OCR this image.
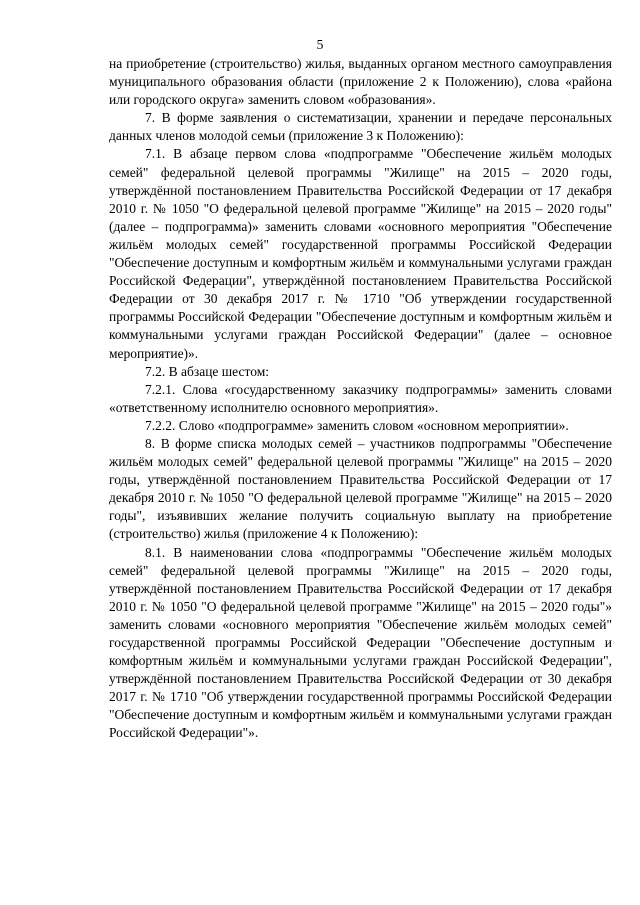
5

на приобретение (строительство) жилья, выданных органом местного самоуправления муниципального образования области (приложение 2 к Положению), слова «района или городского округа» заменить словом «образования».

7. В форме заявления о систематизации, хранении и передаче персональных данных членов молодой семьи (приложение 3 к Положению):

7.1. В абзаце первом слова «подпрограмме "Обеспечение жильём молодых семей" федеральной целевой программы "Жилище" на 2015 – 2020 годы, утверждённой постановлением Правительства Российской Федерации от 17 декабря 2010 г. № 1050 "О федеральной целевой программе "Жилище" на 2015 – 2020 годы" (далее – подпрограмма)» заменить словами «основного мероприятия "Обеспечение жильём молодых семей" государственной программы Российской Федерации "Обеспечение доступным и комфортным жильём и коммунальными услугами граждан Российской Федерации", утверждённой постановлением Правительства Российской Федерации от 30 декабря 2017 г. № 1710 "Об утверждении государственной программы Российской Федерации "Обеспечение доступным и комфортным жильём и коммунальными услугами граждан Российской Федерации" (далее – основное мероприятие)».

7.2. В абзаце шестом:

7.2.1. Слова «государственному заказчику подпрограммы» заменить словами «ответственному исполнителю основного мероприятия».

7.2.2. Слово «подпрограмме» заменить словом «основном мероприятии».

8. В форме списка молодых семей – участников подпрограммы "Обеспечение жильём молодых семей" федеральной целевой программы "Жилище" на 2015 – 2020 годы, утверждённой постановлением Правительства Российской Федерации от 17 декабря 2010 г. № 1050 "О федеральной целевой программе "Жилище" на 2015 – 2020 годы", изъявивших желание получить социальную выплату на приобретение (строительство) жилья (приложение 4 к Положению):

8.1. В наименовании слова «подпрограммы "Обеспечение жильём молодых семей" федеральной целевой программы "Жилище" на 2015 – 2020 годы, утверждённой постановлением Правительства Российской Федерации от 17 декабря 2010 г. № 1050 "О федеральной целевой программе "Жилище" на 2015 – 2020 годы"» заменить словами «основного мероприятия "Обеспечение жильём молодых семей" государственной программы Российской Федерации "Обеспечение доступным и комфортным жильём и коммунальными услугами граждан Российской Федерации", утверждённой постановлением Правительства Российской Федерации от 30 декабря 2017 г. № 1710 "Об утверждении государственной программы Российской Федерации "Обеспечение доступным и комфортным жильём и коммунальными услугами граждан Российской Федерации"».
